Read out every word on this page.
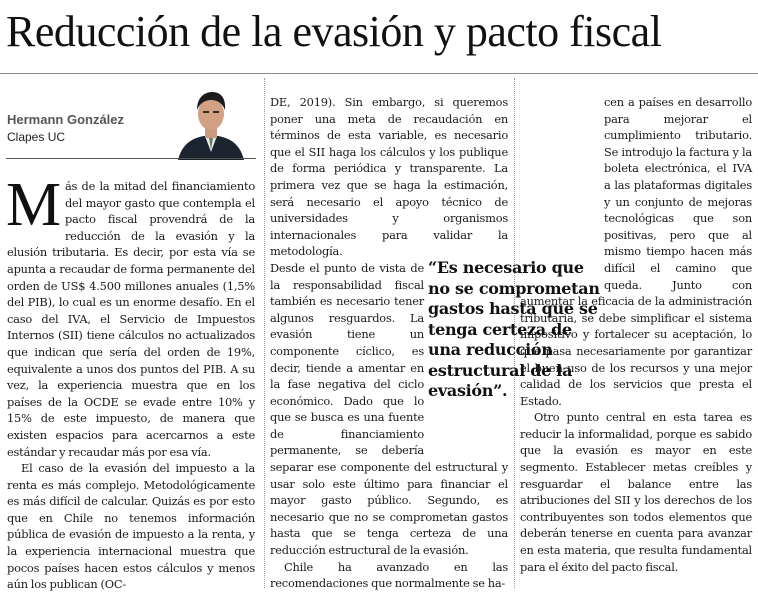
Reducción de la evasión y pacto fiscal
Hermann González
Clapes UC
M ás de la mitad del financiamiento del mayor gasto que contempla el pacto fiscal provendrá de la reducción de la evasión y la elusión tributaria. Es decir, por esta vía se apunta a recaudar de forma permanente del orden de US$ 4.500 millones anuales (1,5% del PIB), lo cual es un enorme desafío. En el caso del IVA, el Servicio de Impuestos Internos (SII) tiene cálculos no actualizados que indican que sería del orden de 19%, equivalente a unos dos puntos del PIB. A su vez, la experiencia muestra que en los países de la OCDE se evade entre 10% y 15% de este impuesto, de manera que existen espacios para acercarnos a este estándar y recaudar más por esa vía.

El caso de la evasión del impuesto a la renta es más complejo. Metodológicamente es más difícil de calcular. Quizás es por esto que en Chile no tenemos información pública de evasión de impuesto a la renta, y la experiencia internacional muestra que pocos países hacen estos cálculos y menos aún los publican (OC-

DE, 2019). Sin embargo, si queremos poner una meta de recaudación en términos de esta variable, es necesario que el SII haga los cálculos y los publique de forma periódica y transparente. La primera vez que se haga la estimación, será necesario el apoyo técnico de universidades y organismos internacionales para validar la metodología.

Desde el punto de vista de la responsabilidad fiscal también es necesario tener algunos resguardos. La evasión tiene un componente cíclico, es decir, tiende a amentar en la fase negativa del ciclo económico. Dado que lo que se busca es una fuente de financiamiento permanente, se debería separar ese componente del estructural y usar solo este último para financiar el mayor gasto público. Segundo, es necesario que no se comprometan gastos hasta que se tenga certeza de una reducción estructural de la evasión.

Chile ha avanzado en las recomendaciones que normalmente se ha-

cen a países en desarrollo para mejorar el cumplimiento tributario. Se introdujo la factura y la boleta electrónica, el IVA a las plataformas digitales y un conjunto de mejoras tecnológicas que son positivas, pero que al mismo tiempo hacen más difícil el camino que queda. Junto con aumentar la eficacia de la administración tributaria, se debe simplificar el sistema impositivo y fortalecer su aceptación, lo que pasa necesariamente por garantizar el buen uso de los recursos y una mejor calidad de los servicios que presta el Estado.

Otro punto central en esta tarea es reducir la informalidad, porque es sabido que la evasión es mayor en este segmento. Establecer metas creíbles y resguardar el balance entre las atribuciones del SII y los derechos de los contribuyentes son todos elementos que deberán tenerse en cuenta para avanzar en esta materia, que resulta fundamental para el éxito del pacto fiscal.

“Es necesario que no se comprometan gastos hasta que se tenga certeza de una reducción estructural de la evasión”.
